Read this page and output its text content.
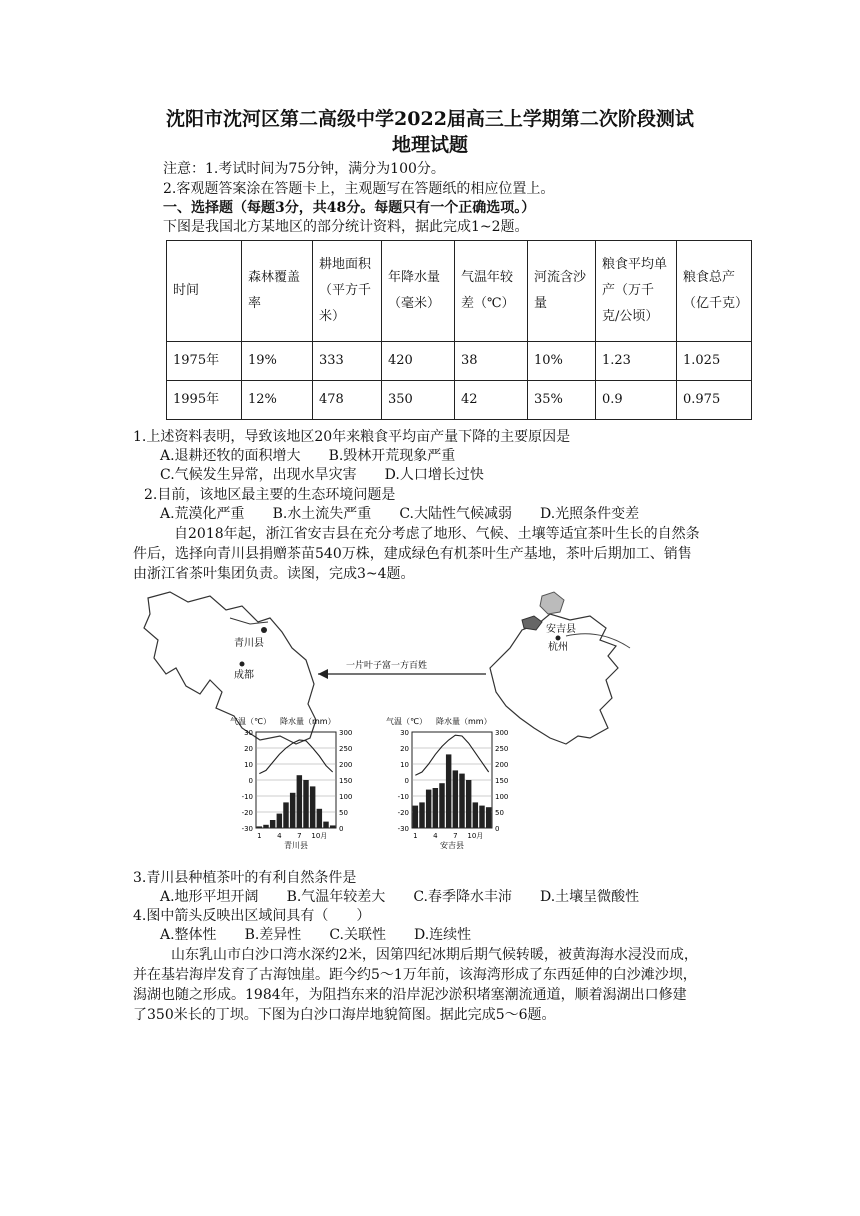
沈阳市沈河区第二高级中学2022届高三上学期第二次阶段测试
地理试题
注意：1.考试时间为75分钟，满分为100分。
2.客观题答案涂在答题卡上，主观题写在答题纸的相应位置上。
一、选择题（每题3分，共48分。每题只有一个正确选项。）
下图是我国北方某地区的部分统计资料，据此完成1~2题。
时间	森林覆盖率	耕地面积（平方千米）	年降水量（毫米）	气温年较差（℃）	河流含沙量	粮食平均单产（万千克/公顷）	粮食总产（亿千克）
1975年	19%	333	420	38	10%	1.23	1.025
1995年	12%	478	350	42	35%	0.9	0.975
1.上述资料表明，导致该地区20年来粮食平均亩产量下降的主要原因是
A.退耕还牧的面积增大 B.毁林开荒现象严重
C.气候发生异常，出现水旱灾害 D.人口增长过快
2.目前，该地区最主要的生态环境问题是
A.荒漠化严重 B.水土流失严重 C.大陆性气候减弱 D.光照条件变差
自2018年起，浙江省安吉县在充分考虑了地形、气候、土壤等适宜茶叶生长的自然条
件后，选择向青川县捐赠茶苗540万株，建成绿色有机茶叶生产基地，茶叶后期加工、销售
由浙江省茶叶集团负责。读图，完成3~4题。
青川县
成都
安吉县
杭州
一片叶子富一方百姓
气温（℃） 降水量（mm）
30
20
10
0
-10
-20
-30
300
250
200
150
100
50
0
1 4 7 10月
青川县
气温（℃） 降水量（mm）
30
20
10
0
-10
-20
-30
300
250
200
150
100
50
0
1 4 7 10月
安吉县
3.青川县种植茶叶的有利自然条件是
A.地形平坦开阔 B.气温年较差大 C.春季降水丰沛 D.土壤呈微酸性
4.图中箭头反映出区域间具有（　　）
A.整体性 B.差异性 C.关联性 D.连续性
山东乳山市白沙口湾水深约2米，因第四纪冰期后期气候转暖，被黄海海水浸没而成，
并在基岩海岸发育了古海蚀崖。距今约5～1万年前，该海湾形成了东西延伸的白沙滩沙坝，
潟湖也随之形成。1984年，为阻挡东来的沿岸泥沙淤积堵塞潮流通道，顺着潟湖出口修建
了350米长的丁坝。下图为白沙口海岸地貌简图。据此完成5～6题。
